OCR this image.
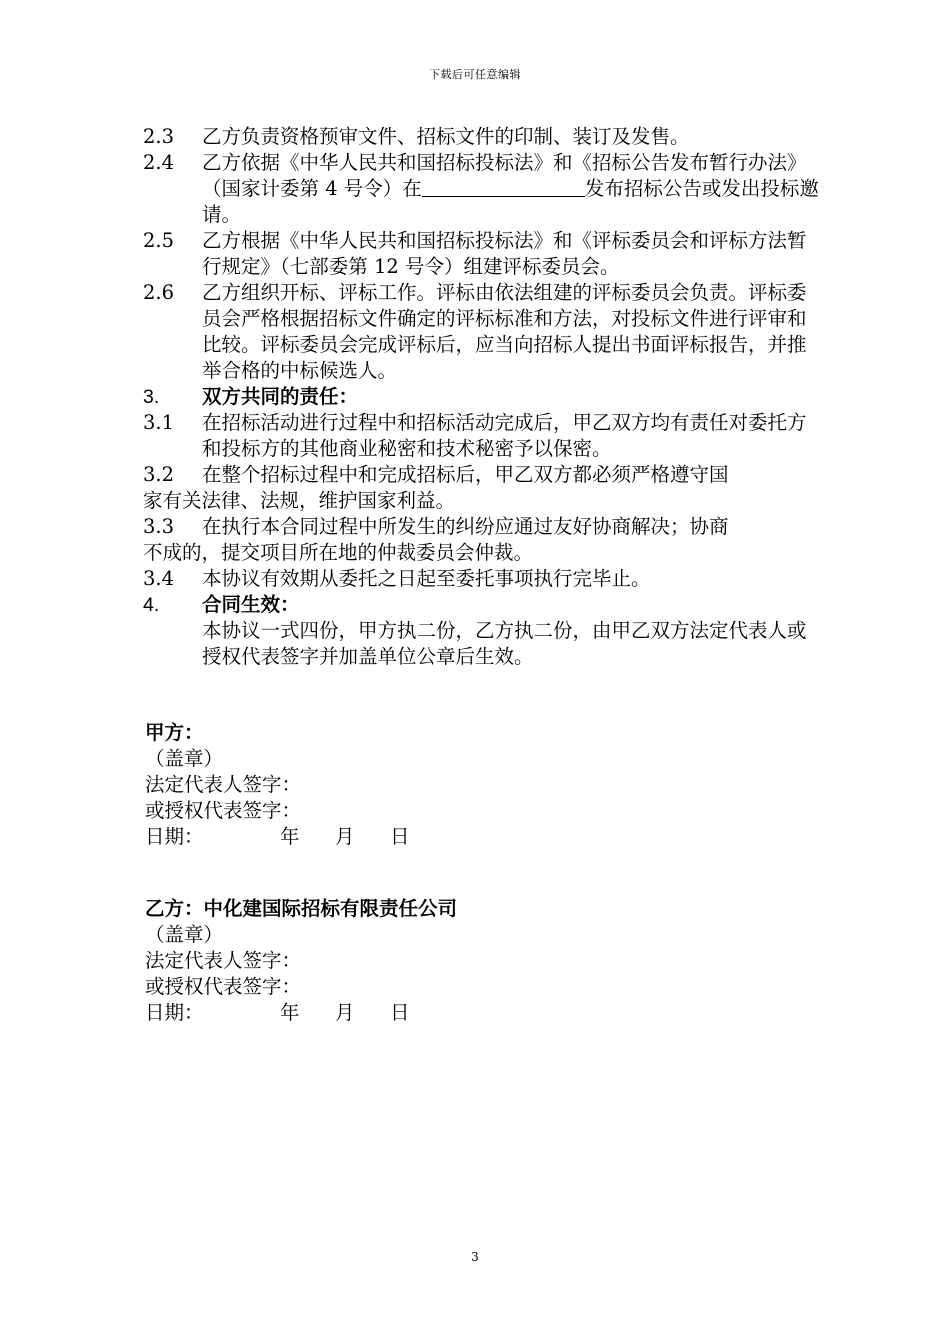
下载后可任意编辑
2.3	乙方负责资格预审文件、招标文件的印制、装订及发售。
2.4	乙方依据《中华人民共和国招标投标法》和《招标公告发布暂行办法》（国家计委第 4 号令）在	发布招标公告或发出投标邀请。
2.5	乙方根据《中华人民共和国招标投标法》和《评标委员会和评标方法暂行规定》（七部委第 12 号令）组建评标委员会。
2.6	乙方组织开标、评标工作。评标由依法组建的评标委员会负责。评标委员会严格根据招标文件确定的评标标准和方法，对投标文件进行评审和比较。评标委员会完成评标后，应当向招标人提出书面评标报告，并推举合格的中标候选人。
3.	双方共同的责任：
3.1	在招标活动进行过程中和招标活动完成后，甲乙双方均有责任对委托方和投标方的其他商业秘密和技术秘密予以保密。
3.2	在整个招标过程中和完成招标后，甲乙双方都必须严格遵守国
家有关法律、法规，维护国家利益。
3.3	在执行本合同过程中所发生的纠纷应通过友好协商解决；协商
不成的，提交项目所在地的仲裁委员会仲裁。
3.4	本协议有效期从委托之日起至委托事项执行完毕止。
4.	合同生效：
本协议一式四份，甲方执二份，乙方执二份，由甲乙双方法定代表人或授权代表签字并加盖单位公章后生效。
甲方：
（盖章）
法定代表人签字：
或授权代表签字：
日期：	年 月 日
乙方：中化建国际招标有限责任公司
（盖章）
法定代表人签字：
或授权代表签字：
日期：	年 月 日
3
